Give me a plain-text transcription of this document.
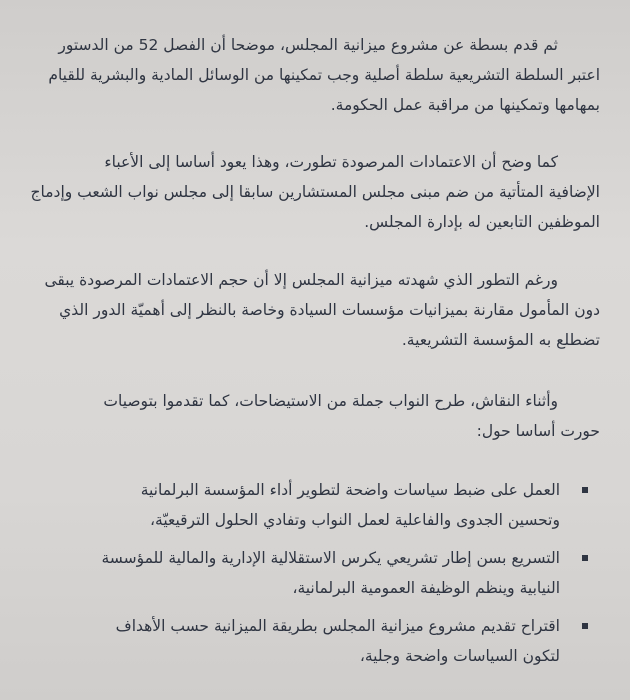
ثم قدم بسطة عن مشروع ميزانية المجلس، موضحا أن الفصل 52 من الدستور
اعتبر السلطة التشريعية سلطة أصلية وجب تمكينها من الوسائل المادية والبشرية للقيام
بمهامها وتمكينها من مراقبة عمل الحكومة.

كما وضح أن الاعتمادات المرصودة تطورت، وهذا يعود أساسا إلى الأعباء
الإضافية المتأتية من ضم مبنى مجلس المستشارين سابقا إلى مجلس نواب الشعب وإدماج
الموظفين التابعين له بإدارة المجلس.

ورغم التطور الذي شهدته ميزانية المجلس إلا أن حجم الاعتمادات المرصودة يبقى
دون المأمول مقارنة بميزانيات مؤسسات السيادة وخاصة بالنظر إلى أهميّة الدور الذي
تضطلع به المؤسسة التشريعية.

وأثناء النقاش، طرح النواب جملة من الاستيضاحات، كما تقدموا بتوصيات
حورت أساسا حول:

العمل على ضبط سياسات واضحة لتطوير أداء المؤسسة البرلمانية
وتحسين الجدوى والفاعلية لعمل النواب وتفادي الحلول الترقيعيّة،
التسريع بسن إطار تشريعي يكرس الاستقلالية الإدارية والمالية للمؤسسة
النيابية وينظم الوظيفة العمومية البرلمانية،
اقتراح تقديم مشروع ميزانية المجلس بطريقة الميزانية حسب الأهداف
لتكون السياسات واضحة وجلية،
